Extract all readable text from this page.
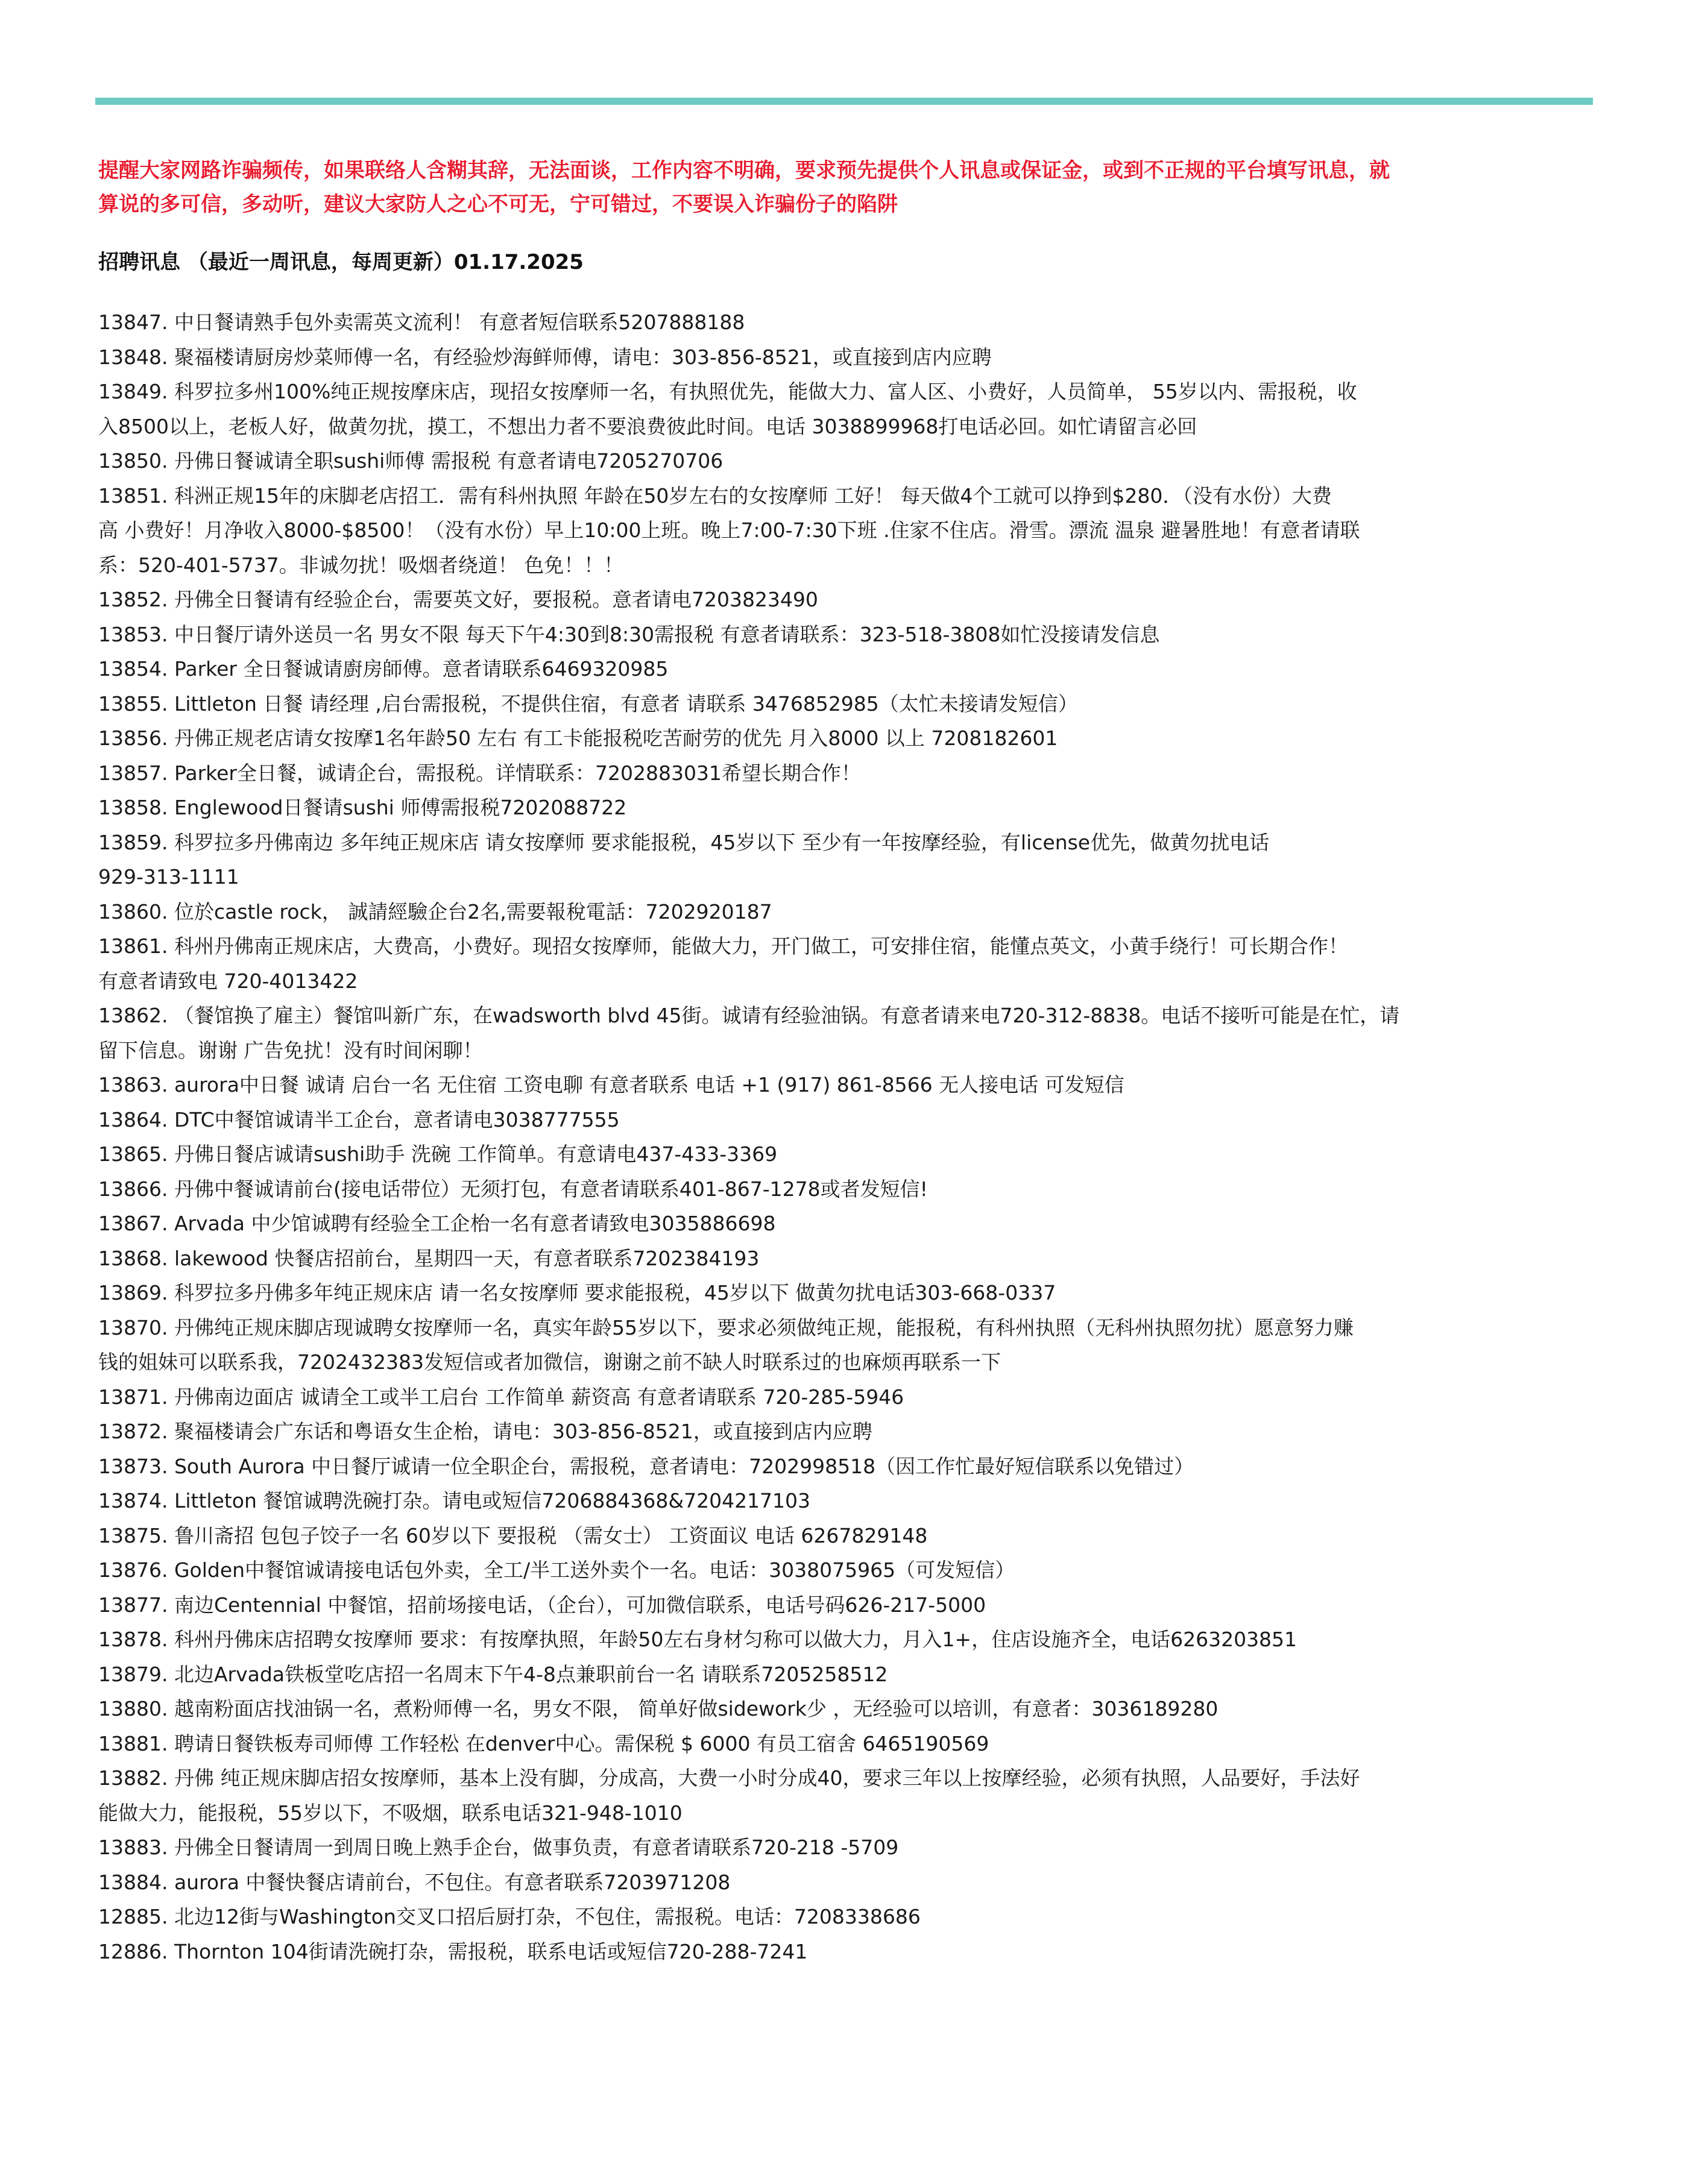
提醒大家网路诈骗频传，如果联络人含糊其辞，无法面谈，工作内容不明确，要求预先提供个人讯息或保证金，或到不正规的平台填写讯息，就
算说的多可信，多动听，建议大家防人之心不可无，宁可错过，不要误入诈骗份子的陷阱
招聘讯息 （最近一周讯息，每周更新）01.17.2025
13847. 中日餐请熟手包外卖需英文流利！ 有意者短信联系5207888188
13848. 聚福楼请厨房炒菜师傅一名，有经验炒海鲜师傅，请电：303-856-8521，或直接到店内应聘
13849. 科罗拉多州100%纯正规按摩床店，现招女按摩师一名，有执照优先，能做大力、富人区、小费好，人员简单， 55岁以内、需报税，收
入8500以上，老板人好，做黄勿扰，摸工，不想出力者不要浪费彼此时间。电话 3038899968打电话必回。如忙请留言必回
13850. 丹佛日餐诚请全职sushi师傅 需报税 有意者请电7205270706
13851. 科洲正规15年的床脚老店招工．需有科州执照 年龄在50岁左右的女按摩师 工好！ 每天做4个工就可以挣到$280．（没有水份）大费
高 小费好！月净收入8000-$8500！（没有水份）早上10:00上班。晚上7:00-7:30下班 .住家不住店。滑雪。漂流 温泉 避暑胜地！有意者请联
系：520-401-5737。非诚勿扰！吸烟者绕道！ 色免！！！
13852. 丹佛全日餐请有经验企台，需要英文好，要报税。意者请电7203823490
13853. 中日餐厅请外送员一名 男女不限 每天下午4:30到8:30需报税 有意者请联系：323-518-3808如忙没接请发信息
13854. Parker 全日餐诚请廚房師傅。意者请联系6469320985
13855. Littleton 日餐 请经理 ,启台需报税，不提供住宿，有意者 请联系 3476852985（太忙未接请发短信）
13856. 丹佛正规老店请女按摩1名年龄50 左右 有工卡能报税吃苦耐劳的优先 月入8000 以上 7208182601
13857. Parker全日餐，诚请企台，需报税。详情联系：7202883031希望长期合作！
13858. Englewood日餐请sushi 师傅需报税7202088722
13859. 科罗拉多丹佛南边 多年纯正规床店 请女按摩师 要求能报税，45岁以下 至少有一年按摩经验，有license优先，做黄勿扰电话
929-313-1111
13860. 位於castle rock， 誠請經驗企台2名,需要報稅電話：7202920187
13861. 科州丹佛南正规床店，大费高，小费好。现招女按摩师，能做大力，开门做工，可安排住宿，能懂点英文，小黄手绕行！可长期合作！
有意者请致电 720-4013422
13862. （餐馆换了雇主）餐馆叫新广东，在wadsworth blvd 45街。诚请有经验油锅。有意者请来电720-312-8838。电话不接听可能是在忙，请
留下信息。谢谢 广告免扰！没有时间闲聊！
13863. aurora中日餐 诚请 启台一名 无住宿 工资电聊 有意者联系 电话 +1 (917) 861-8566 无人接电话 可发短信
13864. DTC中餐馆诚请半工企台，意者请电3038777555
13865. 丹佛日餐店诚请sushi助手 洗碗 工作简单。有意请电437-433-3369
13866. 丹佛中餐诚请前台(接电话带位）无须打包，有意者请联系401-867-1278或者发短信!
13867. Arvada 中少馆诚聘有经验全工企枱一名有意者请致电3035886698
13868. lakewood 快餐店招前台，星期四一天，有意者联系7202384193
13869. 科罗拉多丹佛多年纯正规床店 请一名女按摩师 要求能报税，45岁以下 做黄勿扰电话303-668-0337
13870. 丹佛纯正规床脚店现诚聘女按摩师一名，真实年龄55岁以下，要求必须做纯正规，能报税，有科州执照（无科州执照勿扰）愿意努力赚
钱的姐妹可以联系我，7202432383发短信或者加微信，谢谢之前不缺人时联系过的也麻烦再联系一下
13871. 丹佛南边面店 诚请全工或半工启台 工作简单 薪资高 有意者请联系 720-285-5946
13872. 聚福楼请会广东话和粤语女生企枱，请电：303-856-8521，或直接到店内应聘
13873. South Aurora 中日餐厅诚请一位全职企台，需报税，意者请电：7202998518（因工作忙最好短信联系以免错过）
13874. Littleton 餐馆诚聘洗碗打杂。请电或短信7206884368&7204217103
13875. 鲁川斋招 包包子饺子一名 60岁以下 要报税 （需女士） 工资面议 电话 6267829148
13876. Golden中餐馆诚请接电话包外卖，全工/半工送外卖个一名。电话：3038075965（可发短信）
13877. 南边Centennial 中餐馆，招前场接电话，（企台），可加微信联系，电话号码626-217-5000
13878. 科州丹佛床店招聘女按摩师 要求：有按摩执照，年龄50左右身材匀称可以做大力，月入1+，住店设施齐全，电话6263203851
13879. 北边Arvada铁板堂吃店招一名周末下午4-8点兼职前台一名 请联系7205258512
13880. 越南粉面店找油锅一名，煮粉师傅一名，男女不限， 简单好做sidework少 ，无经验可以培训，有意者：3036189280
13881. 聘请日餐铁板寿司师傅 工作轻松 在denver中心。需保税 $ 6000 有员工宿舍 6465190569
13882. 丹佛 纯正规床脚店招女按摩师，基本上没有脚，分成高，大费一小时分成40，要求三年以上按摩经验，必须有执照，人品要好，手法好
能做大力，能报税，55岁以下，不吸烟，联系电话321-948-1010
13883. 丹佛全日餐请周一到周日晚上熟手企台，做事负责，有意者请联系720-218 -5709
13884. aurora 中餐快餐店请前台，不包住。有意者联系7203971208
12885. 北边12街与Washington交叉口招后厨打杂，不包住，需报税。电话：7208338686
12886. Thornton 104街请洗碗打杂，需报税，联系电话或短信720-288-7241
